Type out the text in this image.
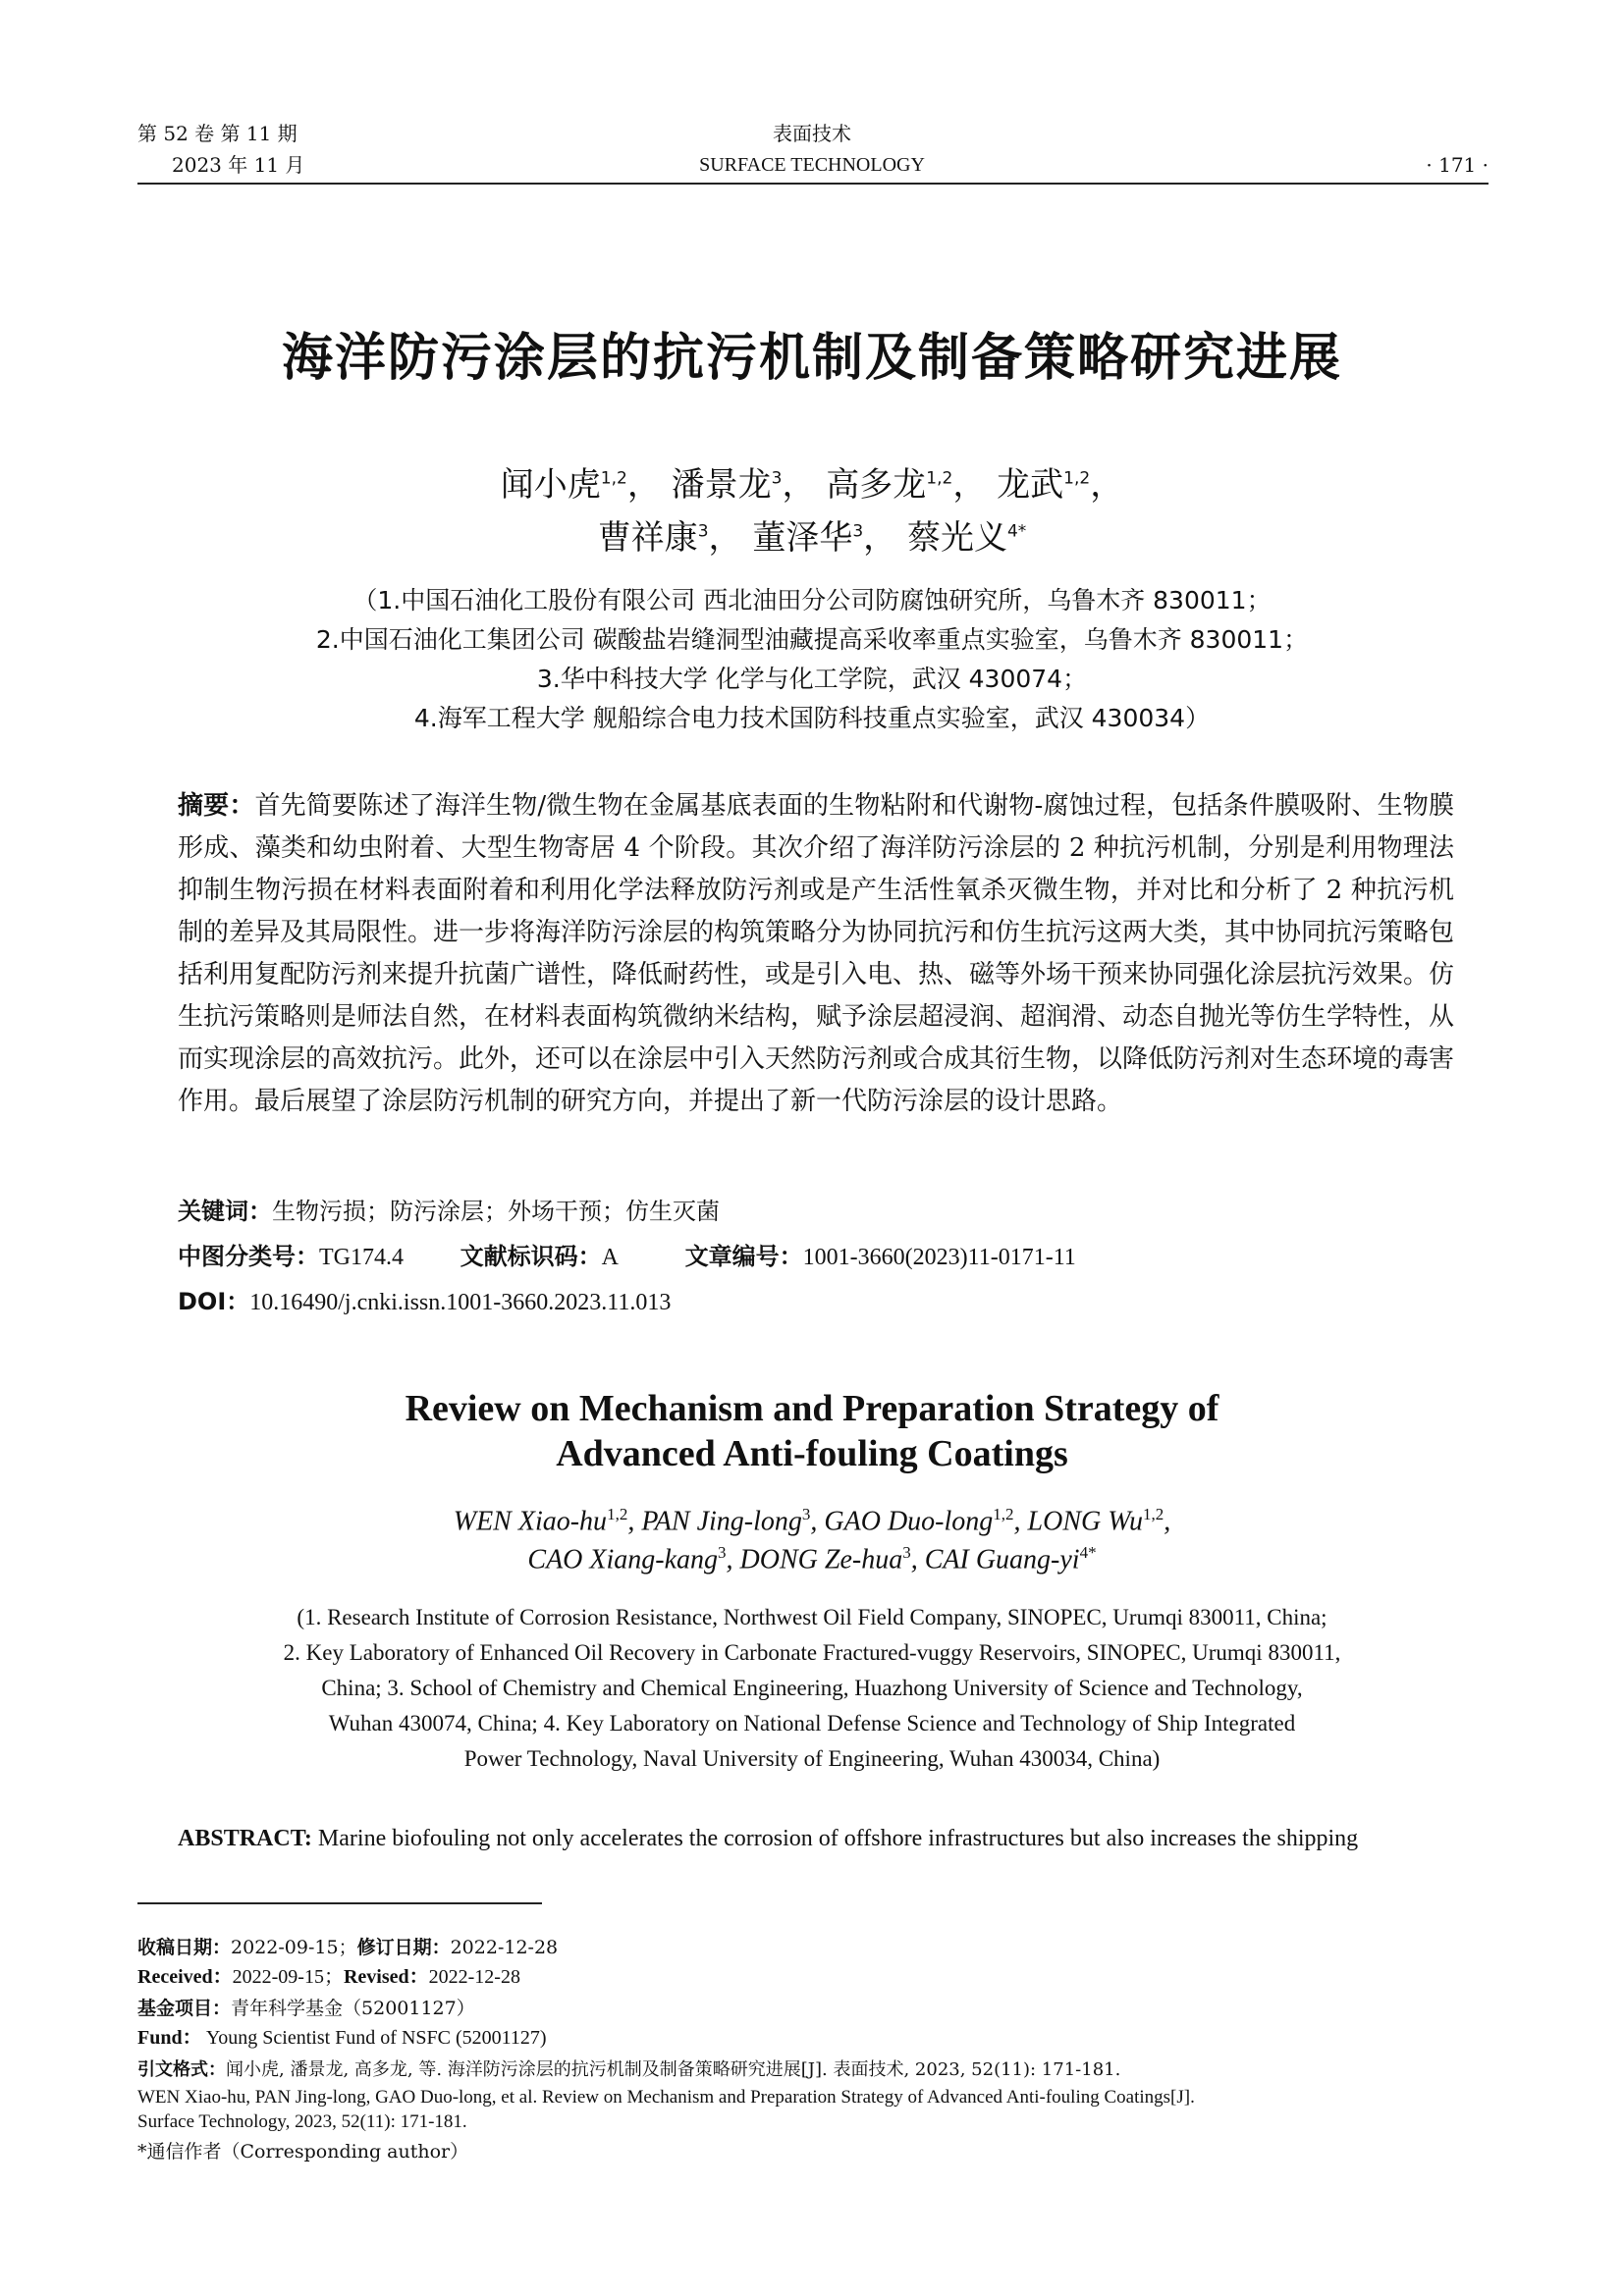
第 52 卷 第 11 期
2023 年 11 月
表面技术
SURFACE TECHNOLOGY	· 171 ·
海洋防污涂层的抗污机制及制备策略研究进展
闻小虎$^{1,2}$， 潘景龙$^3$， 高多龙$^{1,2}$， 龙武$^{1,2}$，
曹祥康$^3$， 董泽华$^3$， 蔡光义$^{4*}$
（1.中国石油化工股份有限公司 西北油田分公司防腐蚀研究所，乌鲁木齐 830011；
2.中国石油化工集团公司 碳酸盐岩缝洞型油藏提高采收率重点实验室，乌鲁木齐 830011；
3.华中科技大学 化学与化工学院，武汉 430074；
4.海军工程大学 舰船综合电力技术国防科技重点实验室，武汉 430034）
摘要：首先简要陈述了海洋生物/微生物在金属基底表面的生物粘附和代谢物-腐蚀过程，包括条件膜吸附、生物膜形成、藻类和幼虫附着、大型生物寄居 4 个阶段。其次介绍了海洋防污涂层的 2 种抗污机制，分别是利用物理法抑制生物污损在材料表面附着和利用化学法释放防污剂或是产生活性氧杀灭微生物，并对比和分析了 2 种抗污机制的差异及其局限性。进一步将海洋防污涂层的构筑策略分为协同抗污和仿生抗污这两大类，其中协同抗污策略包括利用复配防污剂来提升抗菌广谱性，降低耐药性，或是引入电、热、磁等外场干预来协同强化涂层抗污效果。仿生抗污策略则是师法自然，在材料表面构筑微纳米结构，赋予涂层超浸润、超润滑、动态自抛光等仿生学特性，从而实现涂层的高效抗污。此外，还可以在涂层中引入天然防污剂或合成其衍生物，以降低防污剂对生态环境的毒害作用。最后展望了涂层防污机制的研究方向，并提出了新一代防污涂层的设计思路。
关键词：生物污损；防污涂层；外场干预；仿生灭菌
中图分类号：TG174.4 文献标识码：A	文章编号：1001-3660(2023)11-0171-11
DOI：10.16490/j.cnki.issn.1001-3660.2023.11.013
Review on Mechanism and Preparation Strategy of
Advanced Anti-fouling Coatings
WEN Xiao-hu$^{1,2}$, PAN Jing-long$^3$, GAO Duo-long$^{1,2}$, LONG Wu$^{1,2}$,
CAO Xiang-kang$^3$, DONG Ze-hua$^3$, CAI Guang-$yi^{4*}$
(1. Research Institute of Corrosion Resistance, Northwest Oil Field Company, SINOPEC, Urumqi 830011, China;
2. Key Laboratory of Enhanced Oil Recovery in Carbonate Fractured-vuggy Reservoirs, SINOPEC, Urumqi 830011,
China; 3. School of Chemistry and Chemical Engineering, Huazhong University of Science and Technology,
Wuhan 430074, China; 4. Key Laboratory on National Defense Science and Technology of Ship Integrated
Power Technology, Naval University of Engineering, Wuhan 430034, China)
ABSTRACT: Marine biofouling not only accelerates the corrosion of offshore infrastructures but also increases the shipping
收稿日期：2022-09-15；修订日期：2022-12-28
Received：2022-09-15；Revised：2022-12-28
基金项目：青年科学基金（52001127）
Fund： Young Scientist Fund of NSFC (52001127)
引文格式：闻小虎, 潘景龙, 高多龙, 等. 海洋防污涂层的抗污机制及制备策略研究进展[J]. 表面技术, 2023, 52(11): 171-181.
WEN Xiao-hu, PAN Jing-long, GAO Duo-long, et al. Review on Mechanism and Preparation Strategy of Advanced Anti-fouling Coatings[J].
Surface Technology, 2023, 52(11): 171-181.
*通信作者（Corresponding author）
